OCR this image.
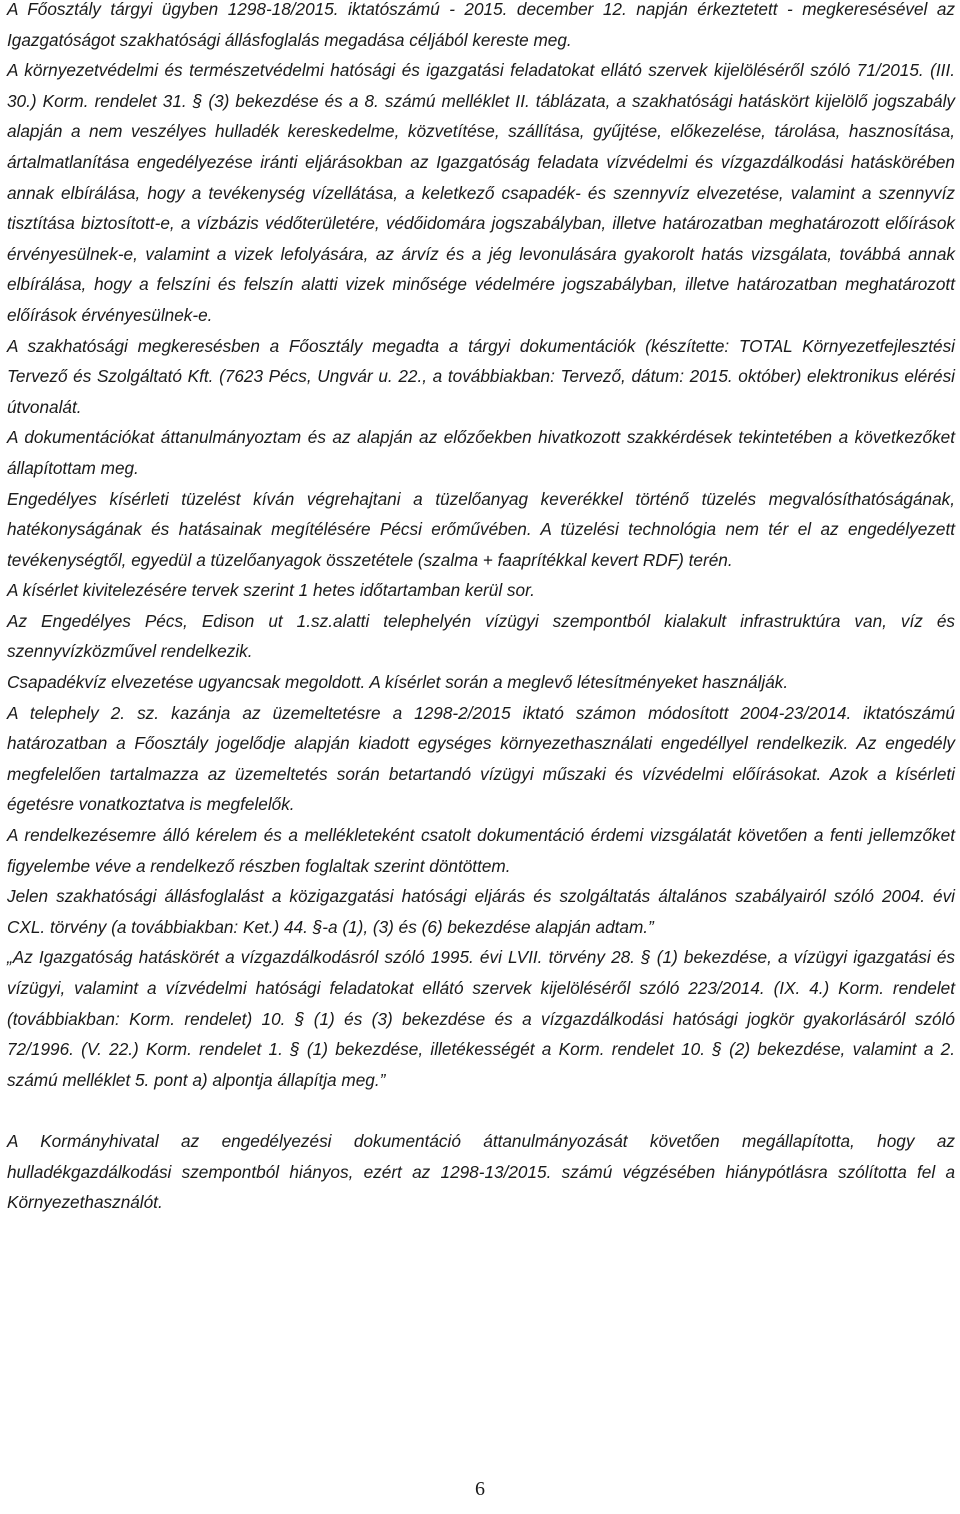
A Főosztály tárgyi ügyben 1298-18/2015. iktatószámú - 2015. december 12. napján érkeztetett - megkeresésével az Igazgatóságot szakhatósági állásfoglalás megadása céljából kereste meg.

A környezetvédelmi és természetvédelmi hatósági és igazgatási feladatokat ellátó szervek kijelöléséről szóló 71/2015. (III. 30.) Korm. rendelet 31. § (3) bekezdése és a 8. számú melléklet II. táblázata, a szakhatósági hatáskört kijelölő jogszabály alapján a nem veszélyes hulladék kereskedelme, közvetítése, szállítása, gyűjtése, előkezelése, tárolása, hasznosítása, ártalmatlanítása engedélyezése iránti eljárásokban az Igazgatóság feladata vízvédelmi és vízgazdálkodási hatáskörében annak elbírálása, hogy a tevékenység vízellátása, a keletkező csapadék- és szennyvíz elvezetése, valamint a szennyvíz tisztítása biztosított-e, a vízbázis védőterületére, védőidomára jogszabályban, illetve határozatban meghatározott előírások érvényesülnek-e, valamint a vizek lefolyására, az árvíz és a jég levonulására gyakorolt hatás vizsgálata, továbbá annak elbírálása, hogy a felszíni és felszín alatti vizek minősége védelmére jogszabályban, illetve határozatban meghatározott előírások érvényesülnek-e.

A szakhatósági megkeresésben a Főosztály megadta a tárgyi dokumentációk (készítette: TOTAL Környezetfejlesztési Tervező és Szolgáltató Kft. (7623 Pécs, Ungvár u. 22., a továbbiakban: Tervező, dátum: 2015. október) elektronikus elérési útvonalát.

A dokumentációkat áttanulmányoztam és az alapján az előzőekben hivatkozott szakkérdések tekintetében a következőket állapítottam meg.

Engedélyes kísérleti tüzelést kíván végrehajtani a tüzelőanyag keverékkel történő tüzelés megvalósíthatóságának, hatékonyságának és hatásainak megítélésére Pécsi erőművében. A tüzelési technológia nem tér el az engedélyezett tevékenységtől, egyedül a tüzelőanyagok összetétele (szalma + faaprítékkal kevert RDF) terén.

A kísérlet kivitelezésére tervek szerint 1 hetes időtartamban kerül sor.

Az Engedélyes Pécs, Edison ut 1.sz.alatti telephelyén vízügyi szempontból kialakult infrastruktúra van, víz és szennyvízközművel rendelkezik.

Csapadékvíz elvezetése ugyancsak megoldott. A kísérlet során a meglevő létesítményeket használják.

A telephely 2. sz. kazánja az üzemeltetésre a 1298-2/2015 iktató számon módosított 2004-23/2014. iktatószámú határozatban a Főosztály jogelődje alapján kiadott egységes környezethasználati engedéllyel rendelkezik. Az engedély megfelelően tartalmazza az üzemeltetés során betartandó vízügyi műszaki és vízvédelmi előírásokat. Azok a kísérleti égetésre vonatkoztatva is megfelelők.

A rendelkezésemre álló kérelem és a mellékleteként csatolt dokumentáció érdemi vizsgálatát követően a fenti jellemzőket figyelembe véve a rendelkező részben foglaltak szerint döntöttem.

Jelen szakhatósági állásfoglalást a közigazgatási hatósági eljárás és szolgáltatás általános szabályairól szóló 2004. évi CXL. törvény (a továbbiakban: Ket.) 44. §-a (1), (3) és (6) bekezdése alapján adtam.”

„Az Igazgatóság hatáskörét a vízgazdálkodásról szóló 1995. évi LVII. törvény 28. § (1) bekezdése, a vízügyi igazgatási és vízügyi, valamint a vízvédelmi hatósági feladatokat ellátó szervek kijelöléséről szóló 223/2014. (IX. 4.) Korm. rendelet (továbbiakban: Korm. rendelet) 10. § (1) és (3) bekezdése és a vízgazdálkodási hatósági jogkör gyakorlásáról szóló 72/1996. (V. 22.) Korm. rendelet 1. § (1) bekezdése, illetékességét a Korm. rendelet 10. § (2) bekezdése, valamint a 2. számú melléklet 5. pont a) alpontja állapítja meg.”

A Kormányhivatal az engedélyezési dokumentáció áttanulmányozását követően megállapította, hogy az hulladékgazdálkodási szempontból hiányos, ezért az 1298-13/2015. számú végzésében hiánypótlásra szólította fel a Környezethasználót.

6
